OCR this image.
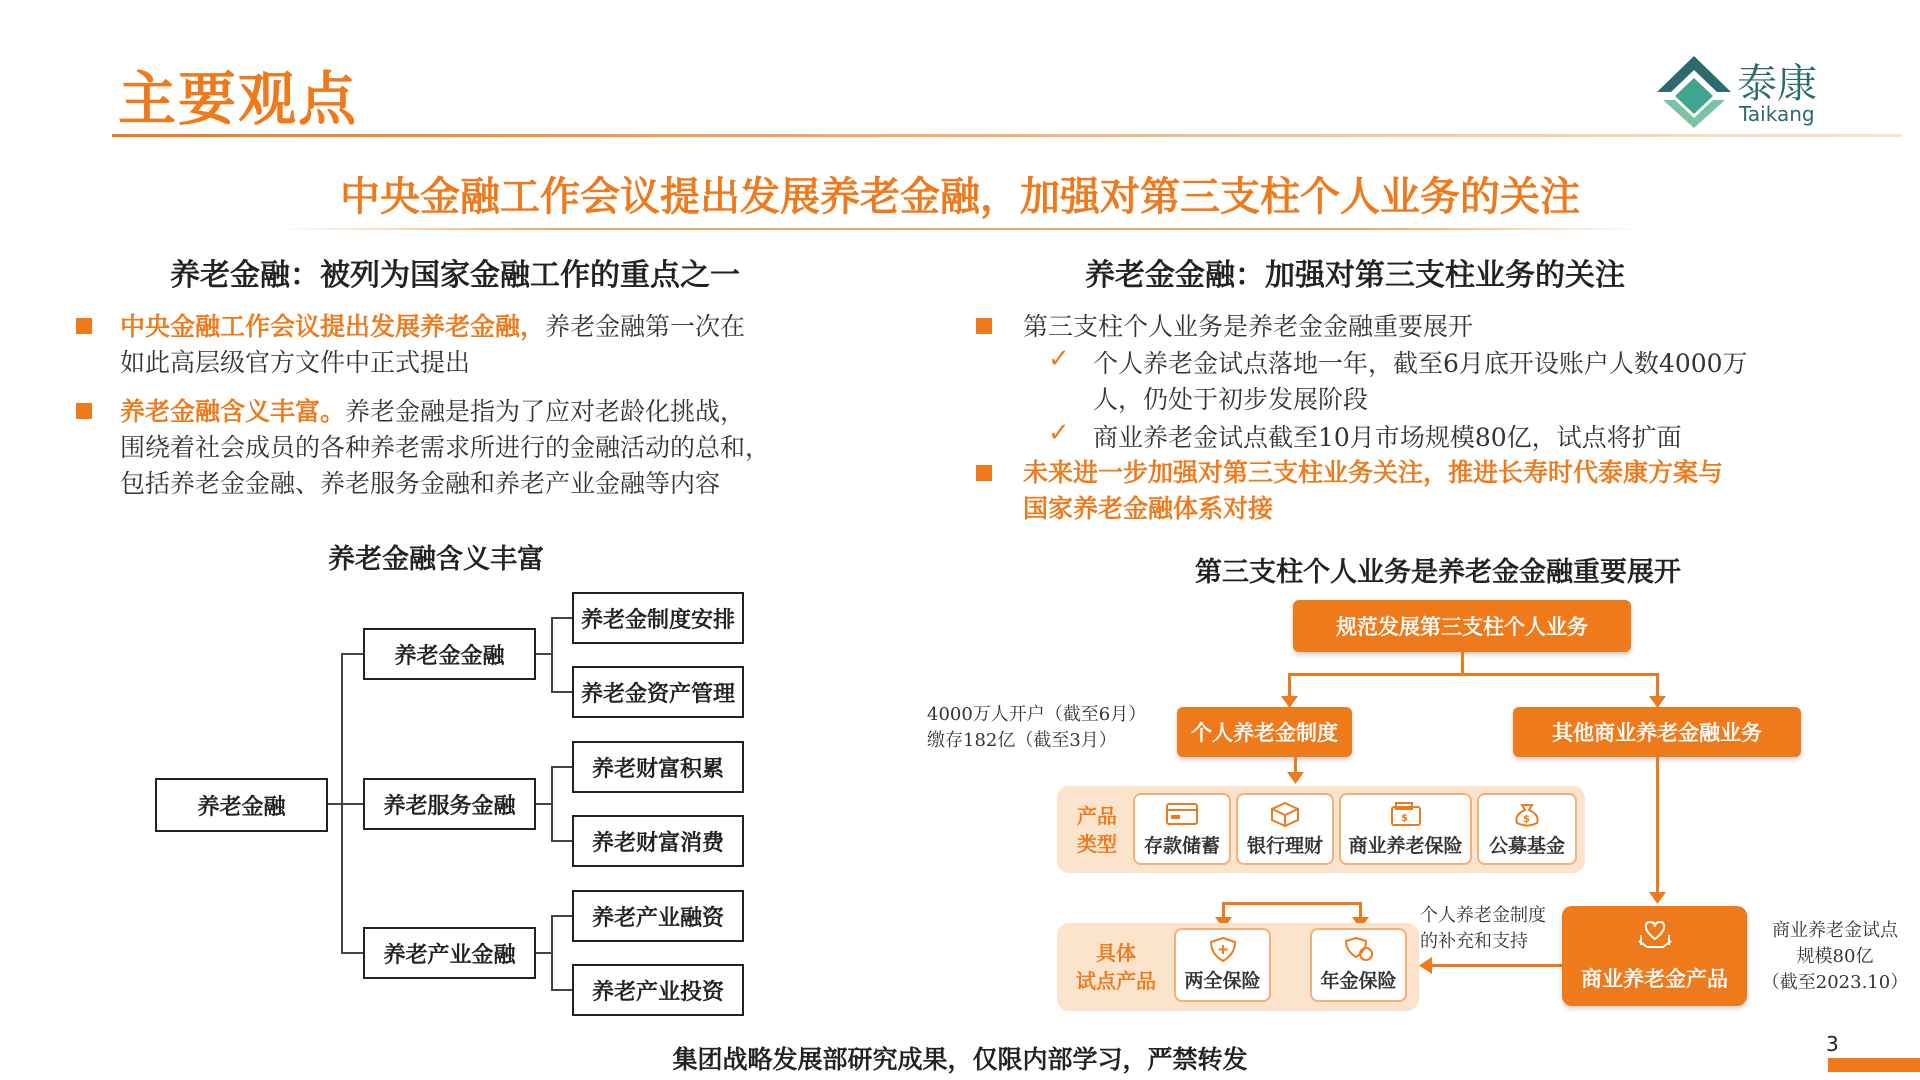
主要观点	泰康
Taikang
中央金融工作会议提出发展养老金融，加强对第三支柱个人业务的关注
养老金融：被列为国家金融工作的重点之一
中央金融工作会议提出发展养老金融，养老金融第一次在
如此高层级官方文件中正式提出
养老金融含义丰富。养老金融是指为了应对老龄化挑战，
围绕着社会成员的各种养老需求所进行的金融活动的总和，
包括养老金金融、养老服务金融和养老产业金融等内容
养老金融含义丰富
养老金融
养老金金融
养老服务金融
养老产业金融
养老金制度安排
养老金资产管理
养老财富积累
养老财富消费
养老产业融资
养老产业投资
养老金金融：加强对第三支柱业务的关注
第三支柱个人业务是养老金金融重要展开
✓ 个人养老金试点落地一年，截至6月底开设账户人数4000万
人，仍处于初步发展阶段
✓ 商业养老金试点截至10月市场规模80亿，试点将扩面
未来进一步加强对第三支柱业务关注，推进长寿时代泰康方案与
国家养老金融体系对接
第三支柱个人业务是养老金金融重要展开
规范发展第三支柱个人业务
个人养老金制度	其他商业养老金融业务
4000万人开户（截至6月）
缴存182亿（截至3月）
产品
类型	存款储蓄	银行理财
$
商业养老保险
$
公募基金
具体
试点产品	两全保险	年金保险
个人养老金制度
的补充和支持
商业养老金产品
商业养老金试点
规模80亿
（截至2023.10）
集团战略发展部研究成果，仅限内部学习，严禁转发
3
